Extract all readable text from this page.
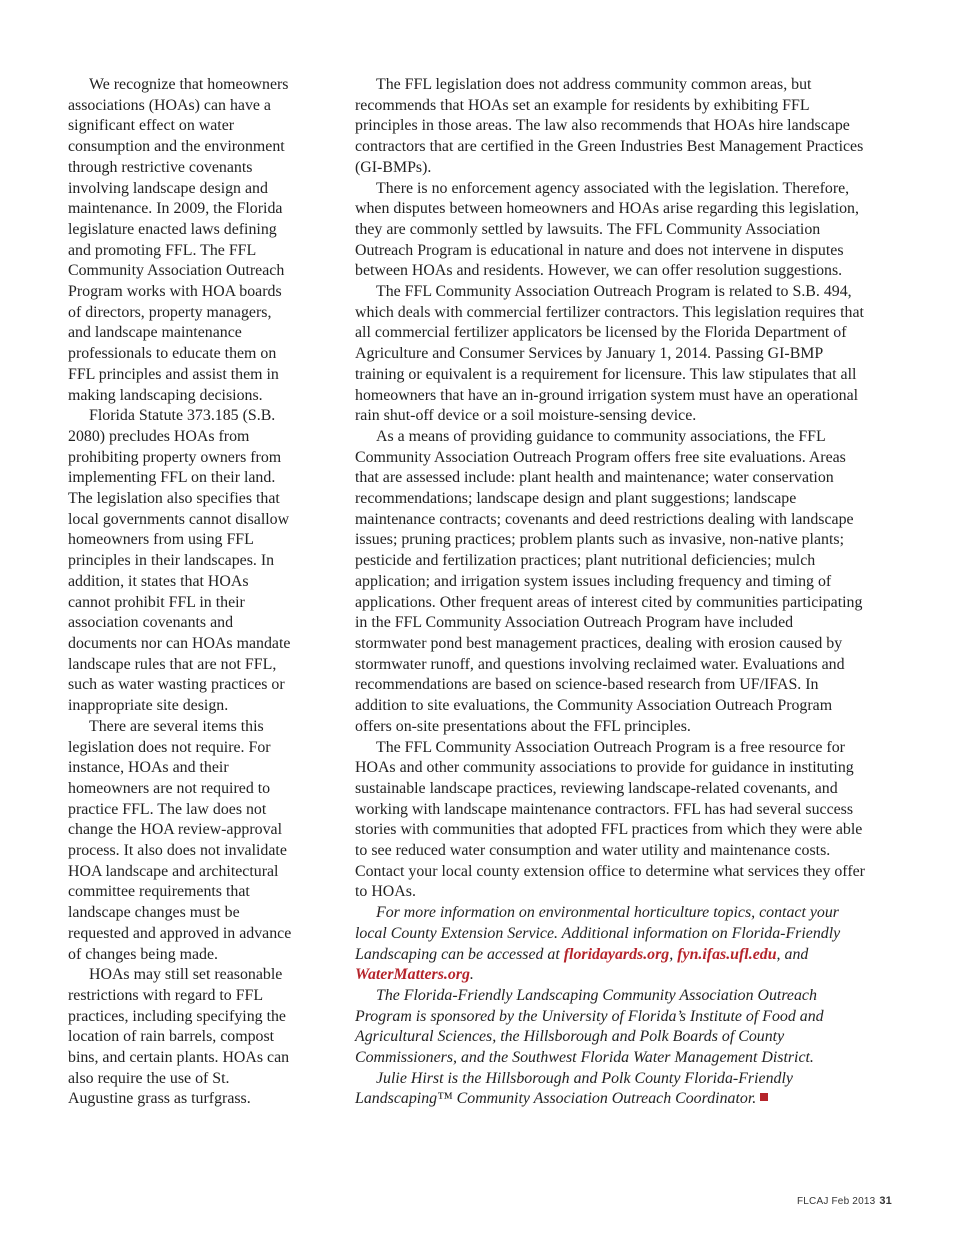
We recognize that homeowners associations (HOAs) can have a significant effect on water consumption and the environment through restrictive covenants involving landscape design and maintenance. In 2009, the Florida legislature enacted laws defining and promoting FFL. The FFL Community Association Outreach Program works with HOA boards of directors, property managers, and landscape maintenance professionals to educate them on FFL principles and assist them in making landscaping decisions.

Florida Statute 373.185 (S.B. 2080) precludes HOAs from prohibiting property owners from implementing FFL on their land. The legislation also specifies that local governments cannot disallow homeowners from using FFL principles in their landscapes. In addition, it states that HOAs cannot prohibit FFL in their association covenants and documents nor can HOAs mandate landscape rules that are not FFL, such as water wasting practices or inappropriate site design.

There are several items this legislation does not require. For instance, HOAs and their homeowners are not required to practice FFL. The law does not change the HOA review-approval process. It also does not invalidate HOA landscape and architectural committee requirements that landscape changes must be requested and approved in advance of changes being made.

HOAs may still set reasonable restrictions with regard to FFL practices, including specifying the location of rain barrels, compost bins, and certain plants. HOAs can also require the use of St. Augustine grass as turfgrass.

The FFL legislation does not address community common areas, but recommends that HOAs set an example for residents by exhibiting FFL principles in those areas. The law also recommends that HOAs hire landscape contractors that are certified in the Green Industries Best Management Practices (GI-BMPs).

There is no enforcement agency associated with the legislation. Therefore, when disputes between homeowners and HOAs arise regarding this legislation, they are commonly settled by lawsuits. The FFL Community Association Outreach Program is educational in nature and does not intervene in disputes between HOAs and residents. However, we can offer resolution suggestions.

The FFL Community Association Outreach Program is related to S.B. 494, which deals with commercial fertilizer contractors. This legislation requires that all commercial fertilizer applicators be licensed by the Florida Department of Agriculture and Consumer Services by January 1, 2014. Passing GI-BMP training or equivalent is a requirement for licensure. This law stipulates that all homeowners that have an in-ground irrigation system must have an operational rain shut-off device or a soil moisture-sensing device.

As a means of providing guidance to community associations, the FFL Community Association Outreach Program offers free site evaluations. Areas that are assessed include: plant health and maintenance; water conservation recommendations; landscape design and plant suggestions; landscape maintenance contracts; covenants and deed restrictions dealing with landscape issues; pruning practices; problem plants such as invasive, non-native plants; pesticide and fertilization practices; plant nutritional deficiencies; mulch application; and irrigation system issues including frequency and timing of applications. Other frequent areas of interest cited by communities participating in the FFL Community Association Outreach Program have included stormwater pond best management practices, dealing with erosion caused by stormwater runoff, and questions involving reclaimed water. Evaluations and recommendations are based on science-based research from UF/IFAS. In addition to site evaluations, the Community Association Outreach Program offers on-site presentations about the FFL principles.

The FFL Community Association Outreach Program is a free resource for HOAs and other community associations to provide for guidance in instituting sustainable landscape practices, reviewing landscape-related covenants, and working with landscape maintenance contractors. FFL has had several success stories with communities that adopted FFL practices from which they were able to see reduced water consumption and water utility and maintenance costs. Contact your local county extension office to determine what services they offer to HOAs.

For more information on environmental horticulture topics, contact your local County Extension Service. Additional information on Florida-Friendly Landscaping can be accessed at floridayards.org, fyn.ifas.ufl.edu, and WaterMatters.org.

The Florida-Friendly Landscaping Community Association Outreach Program is sponsored by the University of Florida’s Institute of Food and Agricultural Sciences, the Hillsborough and Polk Boards of County Commissioners, and the Southwest Florida Water Management District.

Julie Hirst is the Hillsborough and Polk County Florida-Friendly Landscaping™ Community Association Outreach Coordinator.

FLCAJ Feb 2013 31
